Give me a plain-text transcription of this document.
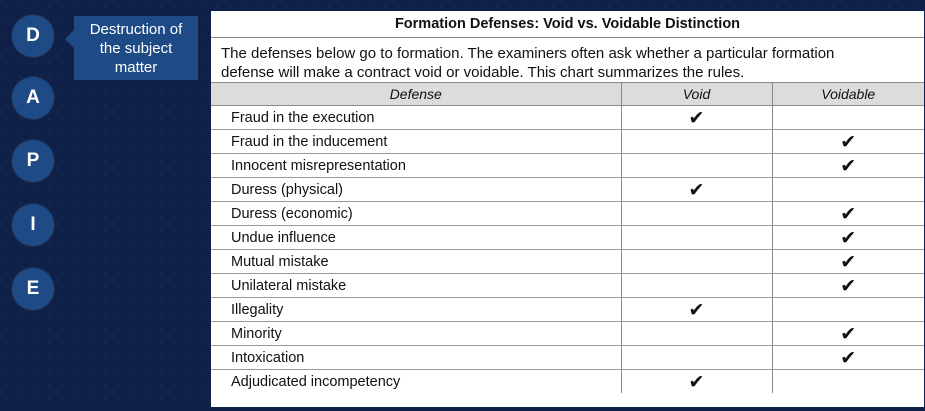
D
A
P
I
E
Destruction of the subject matter
Formation Defenses: Void vs. Voidable Distinction
The defenses below go to formation. The examiners often ask whether a particular formation
defense will make a contract void or voidable. This chart summarizes the rules.
Defense	Void	Voidable
Fraud in the execution	✔	
Fraud in the inducement		✔
Innocent misrepresentation		✔
Duress (physical)	✔	
Duress (economic)		✔
Undue influence		✔
Mutual mistake		✔
Unilateral mistake		✔
Illegality	✔	
Minority		✔
Intoxication		✔
Adjudicated incompetency	✔	
